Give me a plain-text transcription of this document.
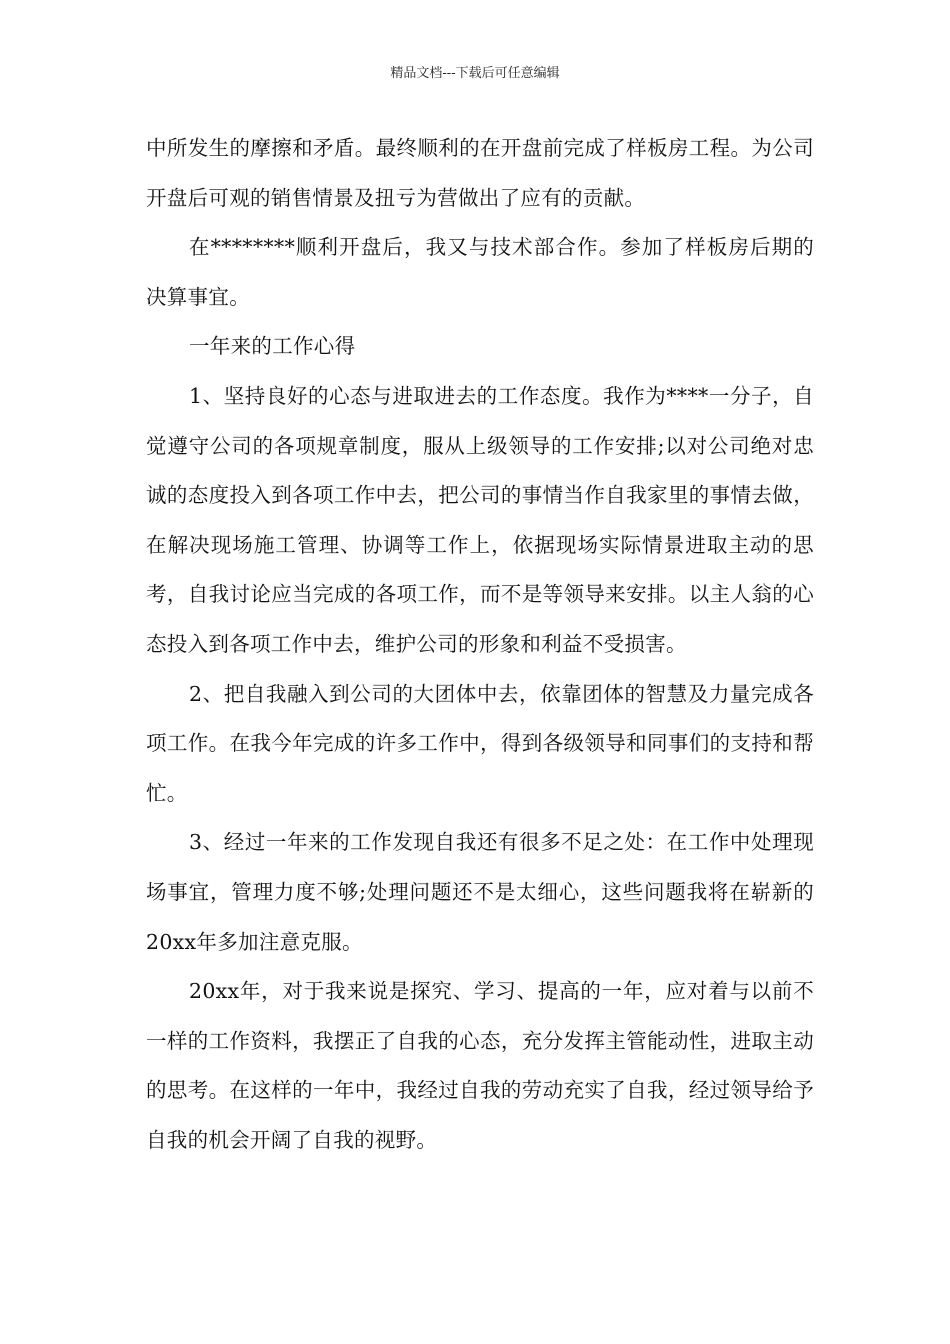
精品文档---下载后可任意编辑

中所发生的摩擦和矛盾。最终顺利的在开盘前完成了样板房工程。为公司开盘后可观的销售情景及扭亏为营做出了应有的贡献。

在********顺利开盘后，我又与技术部合作。参加了样板房后期的决算事宜。

一年来的工作心得

1、坚持良好的心态与进取进去的工作态度。我作为****一分子，自觉遵守公司的各项规章制度，服从上级领导的工作安排;以对公司绝对忠诚的态度投入到各项工作中去，把公司的事情当作自我家里的事情去做，在解决现场施工管理、协调等工作上，依据现场实际情景进取主动的思考，自我讨论应当完成的各项工作，而不是等领导来安排。以主人翁的心态投入到各项工作中去，维护公司的形象和利益不受损害。

2、把自我融入到公司的大团体中去，依靠团体的智慧及力量完成各项工作。在我今年完成的许多工作中，得到各级领导和同事们的支持和帮忙。

3、经过一年来的工作发现自我还有很多不足之处：在工作中处理现场事宜，管理力度不够;处理问题还不是太细心，这些问题我将在崭新的20xx年多加注意克服。

20xx年，对于我来说是探究、学习、提高的一年，应对着与以前不一样的工作资料，我摆正了自我的心态，充分发挥主管能动性，进取主动的思考。在这样的一年中，我经过自我的劳动充实了自我，经过领导给予自我的机会开阔了自我的视野。
